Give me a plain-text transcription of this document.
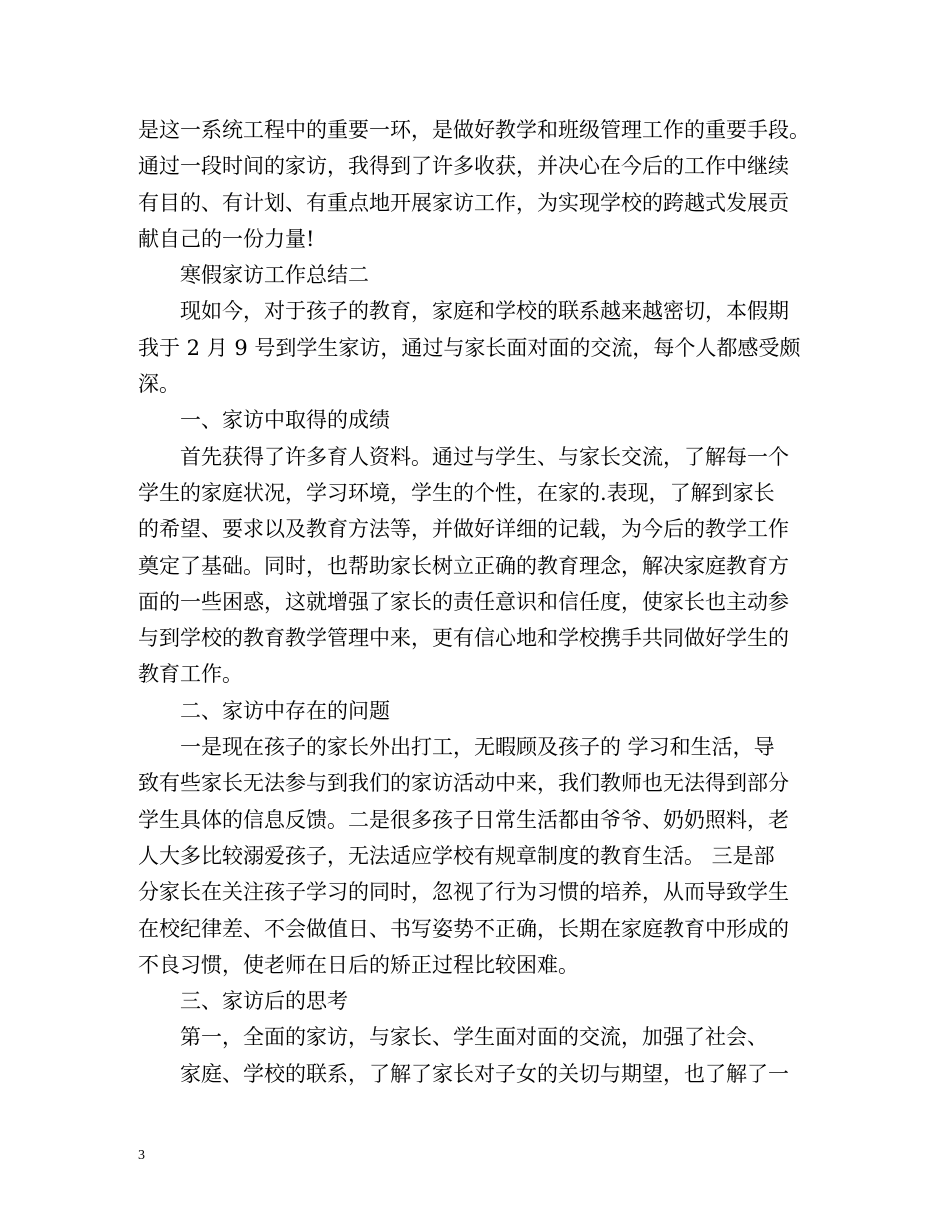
是这一系统工程中的重要一环，是做好教学和班级管理工作的重要手段。
通过一段时间的家访，我得到了许多收获，并决心在今后的工作中继续
有目的、有计划、有重点地开展家访工作，为实现学校的跨越式发展贡
献自己的一份力量!
寒假家访工作总结二
现如今，对于孩子的教育，家庭和学校的联系越来越密切，本假期
我于 2 月 9 号到学生家访，通过与家长面对面的交流，每个人都感受颇
深。
一、家访中取得的成绩
首先获得了许多育人资料。通过与学生、与家长交流，了解每一个
学生的家庭状况，学习环境，学生的个性，在家的.表现，了解到家长
的希望、要求以及教育方法等，并做好详细的记载，为今后的教学工作
奠定了基础。同时，也帮助家长树立正确的教育理念，解决家庭教育方
面的一些困惑，这就增强了家长的责任意识和信任度，使家长也主动参
与到学校的教育教学管理中来，更有信心地和学校携手共同做好学生的
教育工作。
二、家访中存在的问题
一是现在孩子的家长外出打工，无暇顾及孩子的 学习和生活，导
致有些家长无法参与到我们的家访活动中来，我们教师也无法得到部分
学生具体的信息反馈。二是很多孩子日常生活都由爷爷、奶奶照料，老
人大多比较溺爱孩子，无法适应学校有规章制度的教育生活。 三是部
分家长在关注孩子学习的同时，忽视了行为习惯的培养，从而导致学生
在校纪律差、不会做值日、书写姿势不正确，长期在家庭教育中形成的
不良习惯，使老师在日后的矫正过程比较困难。
三、家访后的思考
第一，全面的家访，与家长、学生面对面的交流，加强了社会、
家庭、学校的联系，了解了家长对子女的关切与期望，也了解了一
3
